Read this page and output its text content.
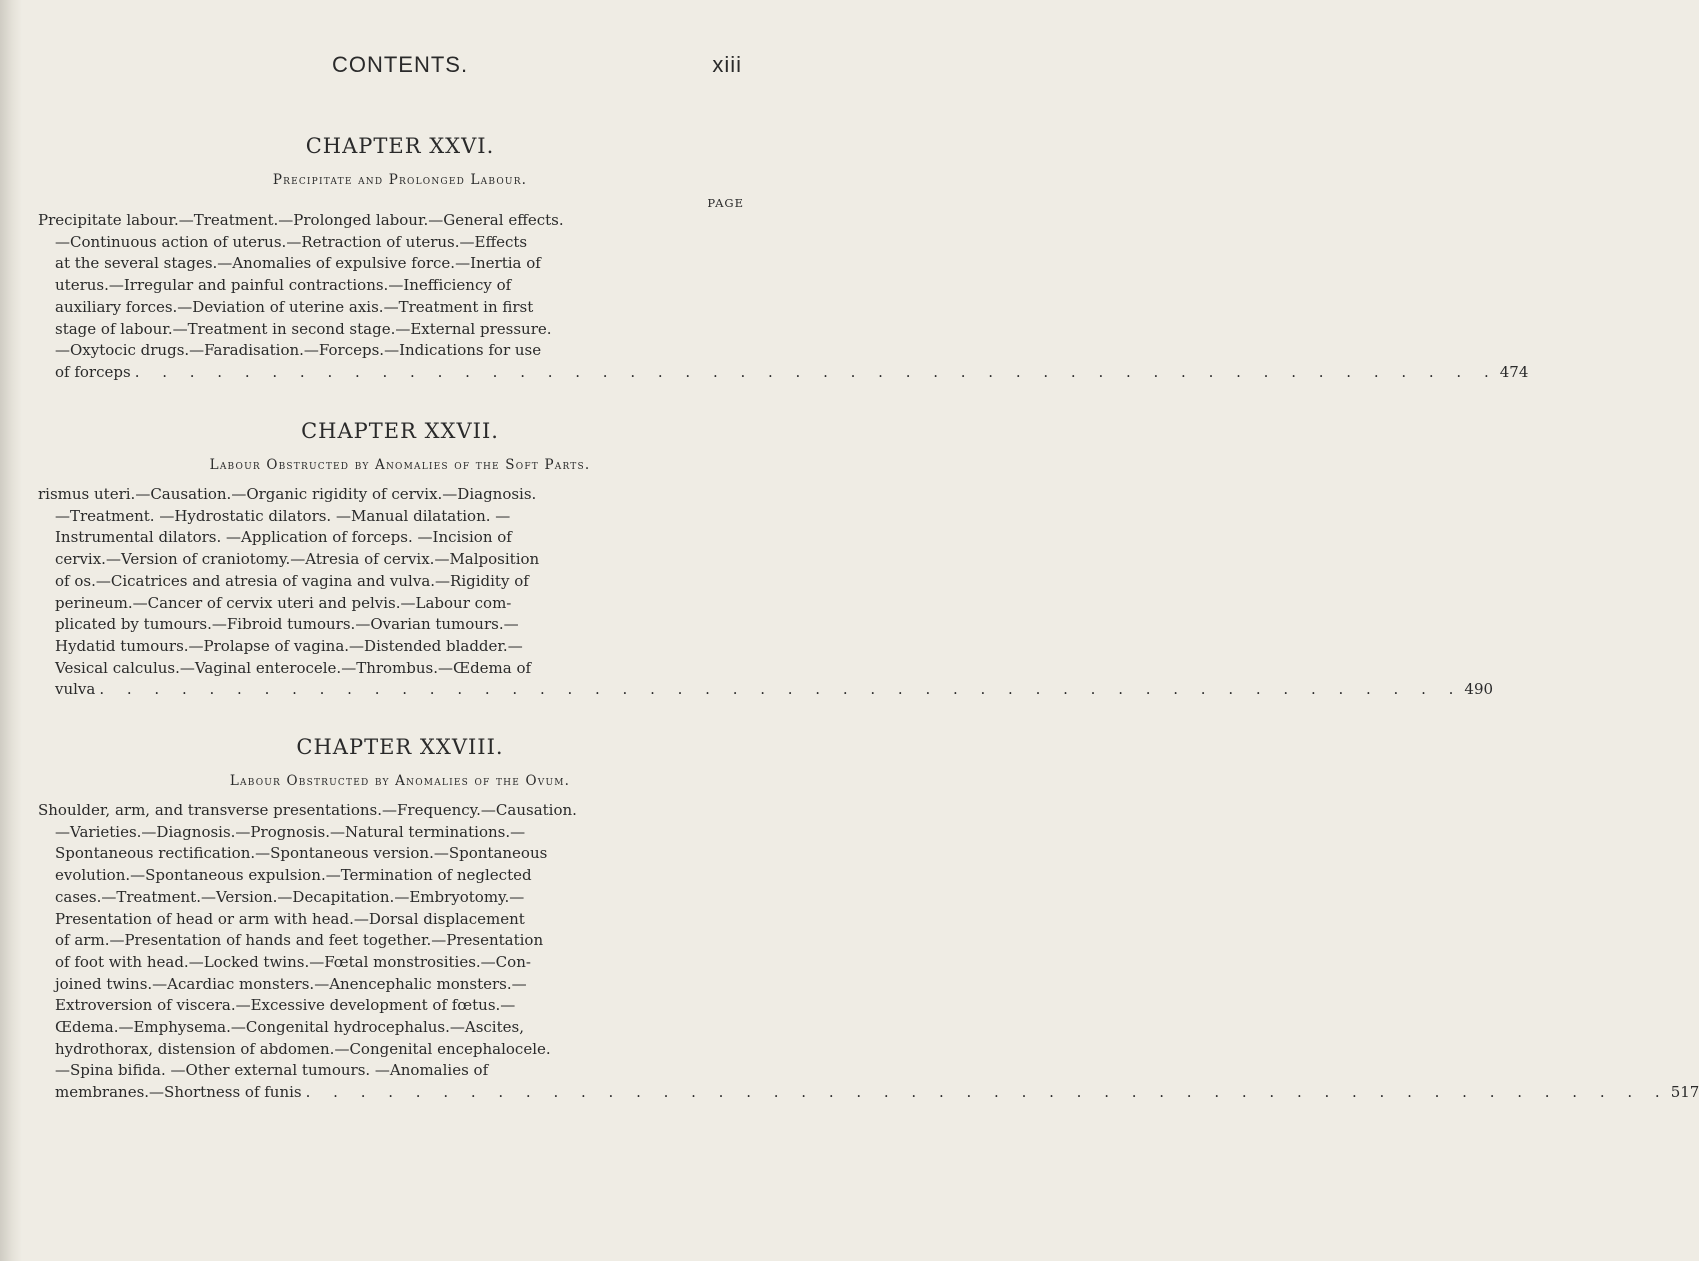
CONTENTS.	xiii
CHAPTER XXVI.
Precipitate and Prolonged Labour.
PAGE
Precipitate labour.—Treatment.—Prolonged labour.—General effects.
—Continuous action of uterus.—Retraction of uterus.—Effects
at the several stages.—Anomalies of expulsive force.—Inertia of
uterus.—Irregular and painful contractions.—Inefficiency of
auxiliary forces.—Deviation of uterine axis.—Treatment in first
stage of labour.—Treatment in second stage.—External pressure.
—Oxytocic drugs.—Faradisation.—Forceps.—Indications for use
of forceps . . . . . . . . . . . . . . . . . . . . . . . . . . . . . . . . . . . . . . . . . . . . . . . . . . 474
CHAPTER XXVII.
Labour Obstructed by Anomalies of the Soft Parts.
rismus uteri.—Causation.—Organic rigidity of cervix.—Diagnosis.
—Treatment. —Hydrostatic dilators. —Manual dilatation. —
Instrumental dilators. —Application of forceps. —Incision of
cervix.—Version of craniotomy.—Atresia of cervix.—Malposition
of os.—Cicatrices and atresia of vagina and vulva.—Rigidity of
perineum.—Cancer of cervix uteri and pelvis.—Labour com-
plicated by tumours.—Fibroid tumours.—Ovarian tumours.—
Hydatid tumours.—Prolapse of vagina.—Distended bladder.—
Vesical calculus.—Vaginal enterocele.—Thrombus.—Œdema of
vulva . . . . . . . . . . . . . . . . . . . . . . . . . . . . . . . . . . . . . . . . . . . . . . . . . . 490
CHAPTER XXVIII.
Labour Obstructed by Anomalies of the Ovum.
Shoulder, arm, and transverse presentations.—Frequency.—Causation.
—Varieties.—Diagnosis.—Prognosis.—Natural terminations.—
Spontaneous rectification.—Spontaneous version.—Spontaneous
evolution.—Spontaneous expulsion.—Termination of neglected
cases.—Treatment.—Version.—Decapitation.—Embryotomy.—
Presentation of head or arm with head.—Dorsal displacement
of arm.—Presentation of hands and feet together.—Presentation
of foot with head.—Locked twins.—Fœtal monstrosities.—Con-
joined twins.—Acardiac monsters.—Anencephalic monsters.—
Extroversion of viscera.—Excessive development of fœtus.—
Œdema.—Emphysema.—Congenital hydrocephalus.—Ascites,
hydrothorax, distension of abdomen.—Congenital encephalocele.
—Spina bifida. —Other external tumours. —Anomalies of
membranes.—Shortness of funis . . . . . . . . . . . . . . . . . . . . . . . . . . . . . . . . . . . . . . . . . . . . . . . . . . 517
